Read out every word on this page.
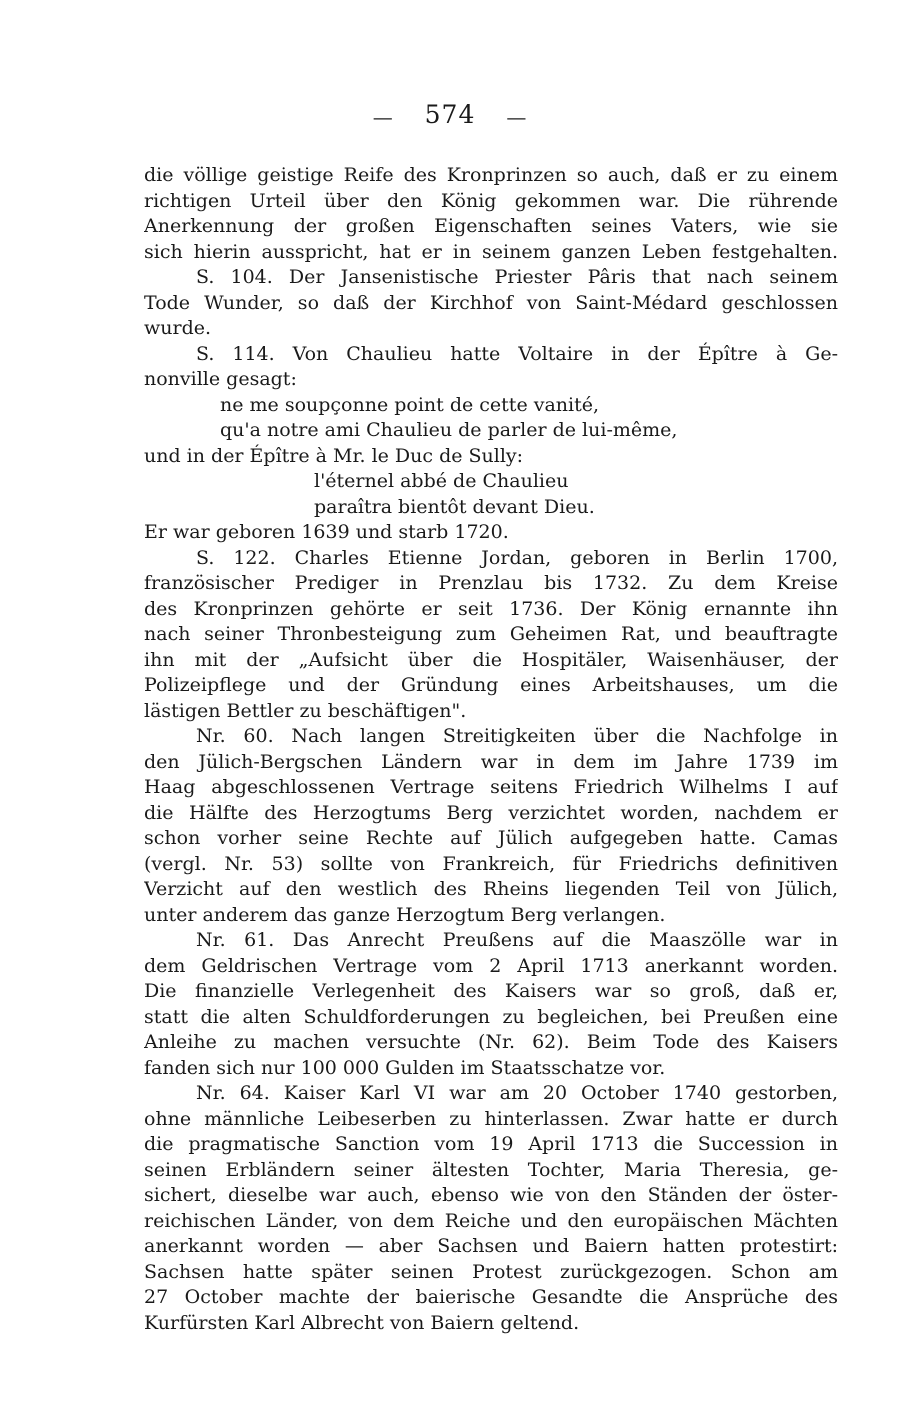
— 574 —
die völlige geistige Reife des Kronprinzen so auch, daß er zu einem
richtigen Urteil über den König gekommen war. Die rührende
Anerkennung der großen Eigenschaften seines Vaters, wie sie
sich hierin ausspricht, hat er in seinem ganzen Leben festgehalten.
S. 104. Der Jansenistische Priester Pâris that nach seinem
Tode Wunder, so daß der Kirchhof von Saint-Médard geschlossen
wurde.
S. 114. Von Chaulieu hatte Voltaire in der Épître à Ge-
nonville gesagt:
ne me soupçonne point de cette vanité,
qu'a notre ami Chaulieu de parler de lui-même,
und in der Épître à Mr. le Duc de Sully:
l'éternel abbé de Chaulieu
paraîtra bientôt devant Dieu.
Er war geboren 1639 und starb 1720.
S. 122. Charles Etienne Jordan, geboren in Berlin 1700,
französischer Prediger in Prenzlau bis 1732. Zu dem Kreise
des Kronprinzen gehörte er seit 1736. Der König ernannte ihn
nach seiner Thronbesteigung zum Geheimen Rat, und beauftragte
ihn mit der „Aufsicht über die Hospitäler, Waisenhäuser, der
Polizeipflege und der Gründung eines Arbeitshauses, um die
lästigen Bettler zu beschäftigen".
Nr. 60. Nach langen Streitigkeiten über die Nachfolge in
den Jülich-Bergschen Ländern war in dem im Jahre 1739 im
Haag abgeschlossenen Vertrage seitens Friedrich Wilhelms I auf
die Hälfte des Herzogtums Berg verzichtet worden, nachdem er
schon vorher seine Rechte auf Jülich aufgegeben hatte. Camas
(vergl. Nr. 53) sollte von Frankreich, für Friedrichs definitiven
Verzicht auf den westlich des Rheins liegenden Teil von Jülich,
unter anderem das ganze Herzogtum Berg verlangen.
Nr. 61. Das Anrecht Preußens auf die Maaszölle war in
dem Geldrischen Vertrage vom 2 April 1713 anerkannt worden.
Die finanzielle Verlegenheit des Kaisers war so groß, daß er,
statt die alten Schuldforderungen zu begleichen, bei Preußen eine
Anleihe zu machen versuchte (Nr. 62). Beim Tode des Kaisers
fanden sich nur 100 000 Gulden im Staatsschatze vor.
Nr. 64. Kaiser Karl VI war am 20 October 1740 gestorben,
ohne männliche Leibeserben zu hinterlassen. Zwar hatte er durch
die pragmatische Sanction vom 19 April 1713 die Succession in
seinen Erbländern seiner ältesten Tochter, Maria Theresia, ge-
sichert, dieselbe war auch, ebenso wie von den Ständen der öster-
reichischen Länder, von dem Reiche und den europäischen Mächten
anerkannt worden — aber Sachsen und Baiern hatten protestirt:
Sachsen hatte später seinen Protest zurückgezogen. Schon am
27 October machte der baierische Gesandte die Ansprüche des
Kurfürsten Karl Albrecht von Baiern geltend.
